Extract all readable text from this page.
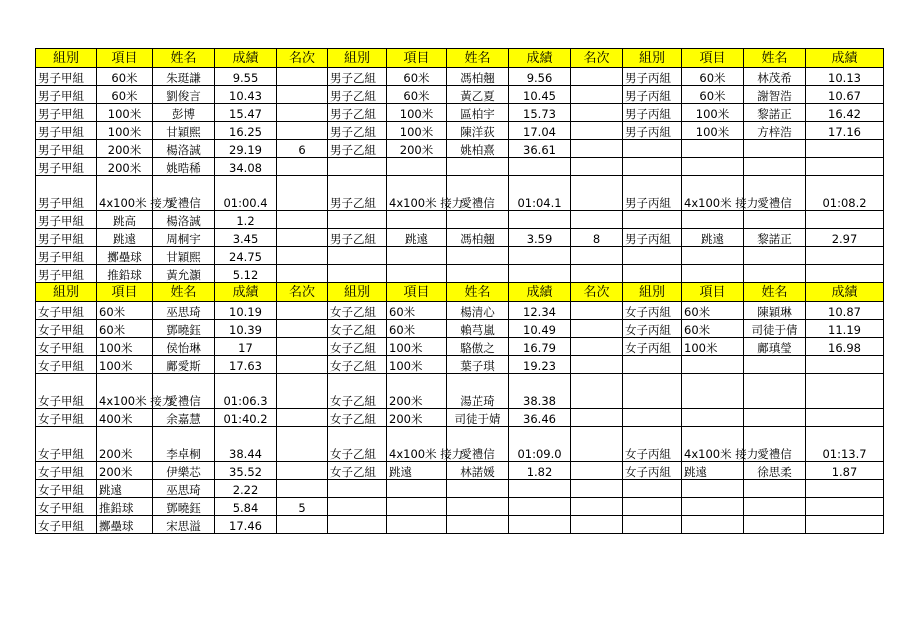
組別	項目	姓名	成績	名次	組別	項目	姓名	成績	名次	組別	項目	姓名	成績
男子甲組	60米	朱珽謙	9.55		男子乙組	60米	馮柏翹	9.56		男子丙組	60米	林茂希	10.13
男子甲組	60米	劉俊言	10.43		男子乙組	60米	黃乙夏	10.45		男子丙組	60米	謝智浩	10.67
男子甲組	100米	彭博	15.47		男子乙組	100米	區柏宇	15.73		男子丙組	100米	黎諾正	16.42
男子甲組	100米	甘穎熙	16.25		男子乙組	100米	陳洋荻	17.04		男子丙組	100米	方梓浩	17.16
男子甲組	200米	楊洛誠	29.19	6	男子乙組	200米	姚柏熹	36.61					
男子甲組	200米	姚晧稀	34.08										
男子甲組	4x100米 接力	愛禮信	01:00.4		男子乙組	4x100米 接力	愛禮信	01:04.1		男子丙組	4x100米 接力	愛禮信	01:08.2
男子甲組	跳高	楊洛誠	1.2										
男子甲組	跳遠	周桐宇	3.45		男子乙組	跳遠	馮柏翹	3.59	8	男子丙組	跳遠	黎諾正	2.97
男子甲組	擲壘球	甘穎熙	24.75										
男子甲組	推鉛球	黃允灝	5.12										
組別	項目	姓名	成績	名次	組別	項目	姓名	成績	名次	組別	項目	姓名	成績
女子甲組	60米	巫思琦	10.19		女子乙組	60米	楊清心	12.34		女子丙組	60米	陳穎琳	10.87
女子甲組	60米	鄧曉鈺	10.39		女子乙組	60米	賴芎嵐	10.49		女子丙組	60米	司徒于倩	11.19
女子甲組	100米	侯怡琳	17		女子乙組	100米	駱傲之	16.79		女子丙組	100米	鄺瑱瑩	16.98
女子甲組	100米	鄺愛斯	17.63		女子乙組	100米	葉子琪	19.23					
女子甲組	4x100米 接力	愛禮信	01:06.3		女子乙組	200米	湯芷琦	38.38					
女子甲組	400米	余嘉慧	01:40.2		女子乙組	200米	司徒于婧	36.46					
女子甲組	200米	李卓桐	38.44		女子乙組	4x100米 接力	愛禮信	01:09.0		女子丙組	4x100米 接力	愛禮信	01:13.7
女子甲組	200米	伊樂芯	35.52		女子乙組	跳遠	林諾媛	1.82		女子丙組	跳遠	徐思柔	1.87
女子甲組	跳遠	巫思琦	2.22										
女子甲組	推鉛球	鄧曉鈺	5.84	5									
女子甲組	擲壘球	宋思溢	17.46										
